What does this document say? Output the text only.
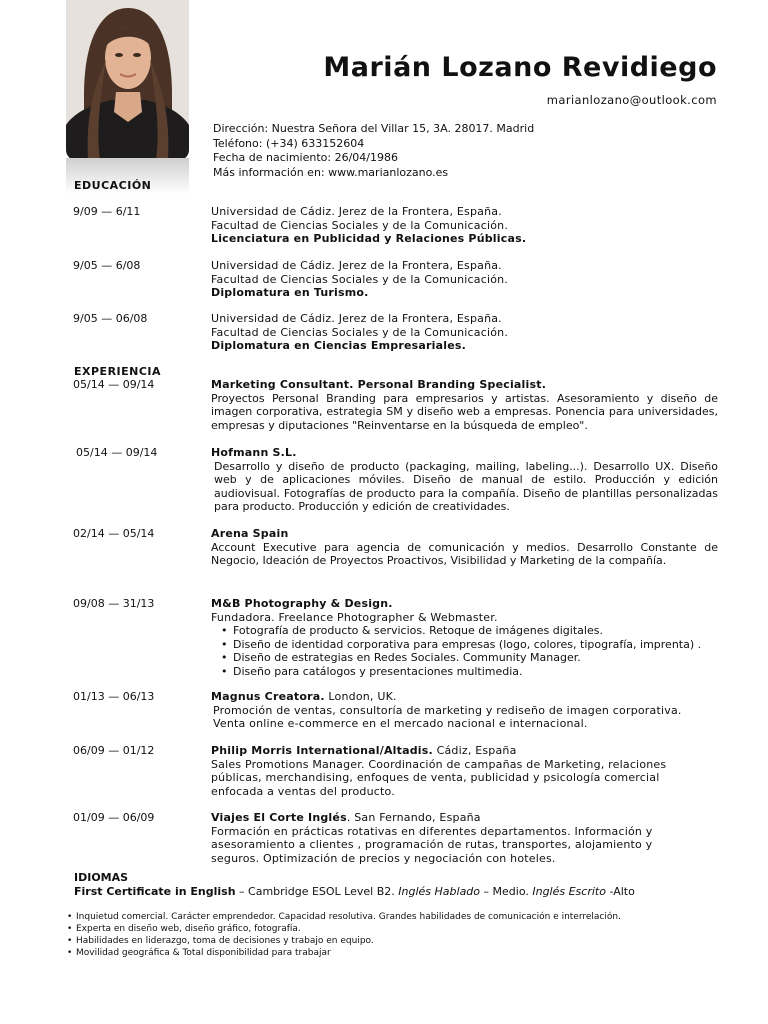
Marián Lozano Revidiego
marianlozano@outlook.com
Dirección: Nuestra Señora del Villar 15, 3A. 28017. Madrid
Teléfono: (+34) 633152604
Fecha de nacimiento: 26/04/1986
Más información en: www.marianlozano.es
EDUCACIÓN
9/09 — 6/11	Universidad de Cádiz. Jerez de la Frontera, España.
Facultad de Ciencias Sociales y de la Comunicación.
Licenciatura en Publicidad y Relaciones Públicas.
9/05 — 6/08	Universidad de Cádiz. Jerez de la Frontera, España.
Facultad de Ciencias Sociales y de la Comunicación.
Diplomatura en Turismo.
9/05 — 06/08	Universidad de Cádiz. Jerez de la Frontera, España.
Facultad de Ciencias Sociales y de la Comunicación.
Diplomatura en Ciencias Empresariales.
EXPERIENCIA
05/14 — 09/14	Marketing Consultant. Personal Branding Specialist.
Proyectos Personal Branding para empresarios y artistas. Asesoramiento y diseño de imagen corporativa, estrategia SM y diseño web a empresas. Ponencia para universidades, empresas y diputaciones "Reinventarse en la búsqueda de empleo".
05/14 — 09/14	Hofmann S.L.
Desarrollo y diseño de producto (packaging, mailing, labeling...). Desarrollo UX. Diseño web y de aplicaciones móviles. Diseño de manual de estilo. Producción y edición audiovisual. Fotografías de producto para la compañía. Diseño de plantillas personalizadas para producto. Producción y edición de creatividades.
02/14 — 05/14	Arena Spain
Account Executive para agencia de comunicación y medios. Desarrollo Constante de Negocio, Ideación de Proyectos Proactivos, Visibilidad y Marketing de la compañía.
09/08 — 31/13	M&B Photography & Design.
Fundadora. Freelance Photographer & Webmaster.
• Fotografía de producto & servicios. Retoque de imágenes digitales.
• Diseño de identidad corporativa para empresas (logo, colores, tipografía, imprenta) .
• Diseño de estrategias en Redes Sociales. Community Manager.
• Diseño para catálogos y presentaciones multimedia.
01/13 — 06/13	Magnus Creatora. London, UK.
Promoción de ventas, consultoría de marketing y rediseño de imagen corporativa.
Venta online e-commerce en el mercado nacional e internacional.
06/09 — 01/12	Philip Morris International/Altadis. Cádiz, España
Sales Promotions Manager. Coordinación de campañas de Marketing, relaciones
públicas, merchandising, enfoques de venta, publicidad y psicología comercial
enfocada a ventas del producto.
01/09 — 06/09	Viajes El Corte Inglés. San Fernando, España
Formación en prácticas rotativas en diferentes departamentos. Información y
asesoramiento a clientes , programación de rutas, transportes, alojamiento y
seguros. Optimización de precios y negociación con hoteles.
IDIOMAS
First Certificate in English – Cambridge ESOL Level B2. Inglés Hablado – Medio. Inglés Escrito -Alto
• Inquietud comercial. Carácter emprendedor. Capacidad resolutiva. Grandes habilidades de comunicación e interrelación.
• Experta en diseño web, diseño gráfico, fotografía.
• Habilidades en liderazgo, toma de decisiones y trabajo en equipo.
• Movilidad geográfica & Total disponibilidad para trabajar
